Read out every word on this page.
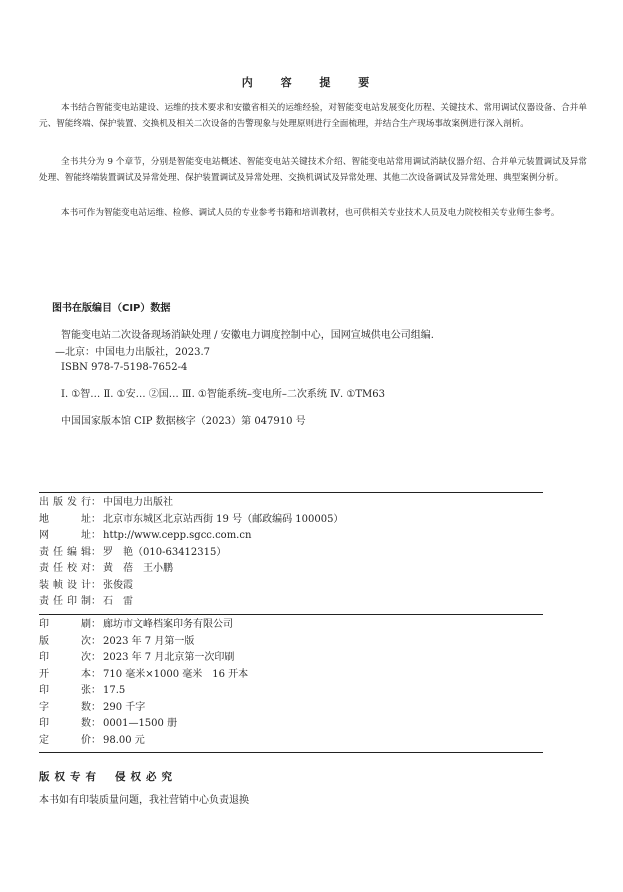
内 容 提 要

本书结合智能变电站建设、运维的技术要求和安徽省相关的运维经验，对智能变电站发展变化历程、关键技术、常用调试仪器设备、合并单元、智能终端、保护装置、交换机及相关二次设备的告警现象与处理原则进行全面梳理，并结合生产现场事故案例进行深入剖析。

全书共分为 9 个章节，分别是智能变电站概述、智能变电站关键技术介绍、智能变电站常用调试消缺仪器介绍、合并单元装置调试及异常处理、智能终端装置调试及异常处理、保护装置调试及异常处理、交换机调试及异常处理、其他二次设备调试及异常处理、典型案例分析。

本书可作为智能变电站运维、检修、调试人员的专业参考书籍和培训教材，也可供相关专业技术人员及电力院校相关专业师生参考。

图书在版编目（CIP）数据
智能变电站二次设备现场消缺处理 / 安徽电力调度控制中心，国网宣城供电公司组编.
—北京：中国电力出版社，2023.7
ISBN 978-7-5198-7652-4
Ⅰ. ①智… Ⅱ. ①安… ②国… Ⅲ. ①智能系统–变电所–二次系统 Ⅳ. ①TM63
中国国家版本馆 CIP 数据核字（2023）第 047910 号
出版发行 ： 中国电力出版社
地　　址 ： 北京市东城区北京站西街 19 号（邮政编码 100005）
网　　址 ： http://www.cepp.sgcc.com.cn
责任编辑 ： 罗　艳（010-63412315）
责任校对 ： 黄　蓓　王小鹏
装帧设计 ： 张俊霞
责任印制 ： 石　雷
印　　刷 ： 廊坊市文峰档案印务有限公司
版　　次 ： 2023 年 7 月第一版
印　　次 ： 2023 年 7 月北京第一次印刷
开　　本 ： 710 毫米×1000 毫米　16 开本
印　　张 ： 17.5
字　　数 ： 290 千字
印　　数 ： 0001—1500 册
定　　价 ： 98.00 元
版权专有 侵权必究
本书如有印装质量问题，我社营销中心负责退换
